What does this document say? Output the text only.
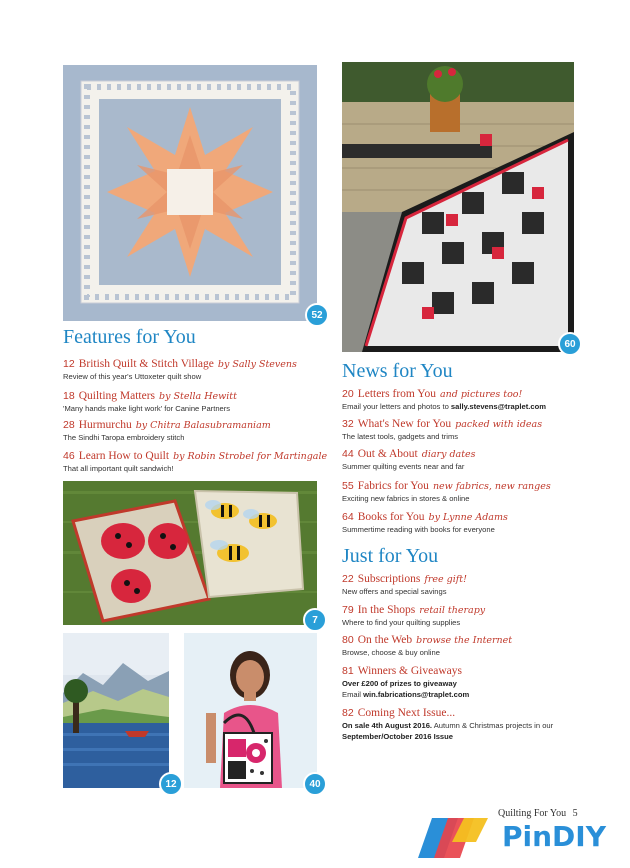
52
60
Features for You
12 British Quilt & Stitch Village by Sally Stevens
Review of this year's Uttoxeter quilt show
18 Quilting Matters by Stella Hewitt
'Many hands make light work' for Canine Partners
28 Hurmurchu by Chitra Balasubramaniam
The Sindhi Taropa embroidery stitch
46 Learn How to Quilt by Robin Strobel for Martingale
That all important quilt sandwich!
7
12	40
News for You
20 Letters from You and pictures too!
Email your letters and photos to sally.stevens@traplet.com
32 What's New for You packed with ideas
The latest tools, gadgets and trims
44 Out & About diary dates
Summer quilting events near and far
55 Fabrics for You new fabrics, new ranges
Exciting new fabrics in stores & online
64 Books for You by Lynne Adams
Summertime reading with books for everyone
Just for You
22 Subscriptions free gift!
New offers and special savings
79 In the Shops retail therapy
Where to find your quilting supplies
80 On the Web browse the Internet
Browse, choose & buy online
81 Winners & Giveaways
Over £200 of prizes to giveaway
Email win.fabrications@traplet.com
82 Coming Next Issue...
On sale 4th August 2016. Autumn & Christmas projects in our
September/October 2016 Issue
Quilting For You 5
PinDIY
